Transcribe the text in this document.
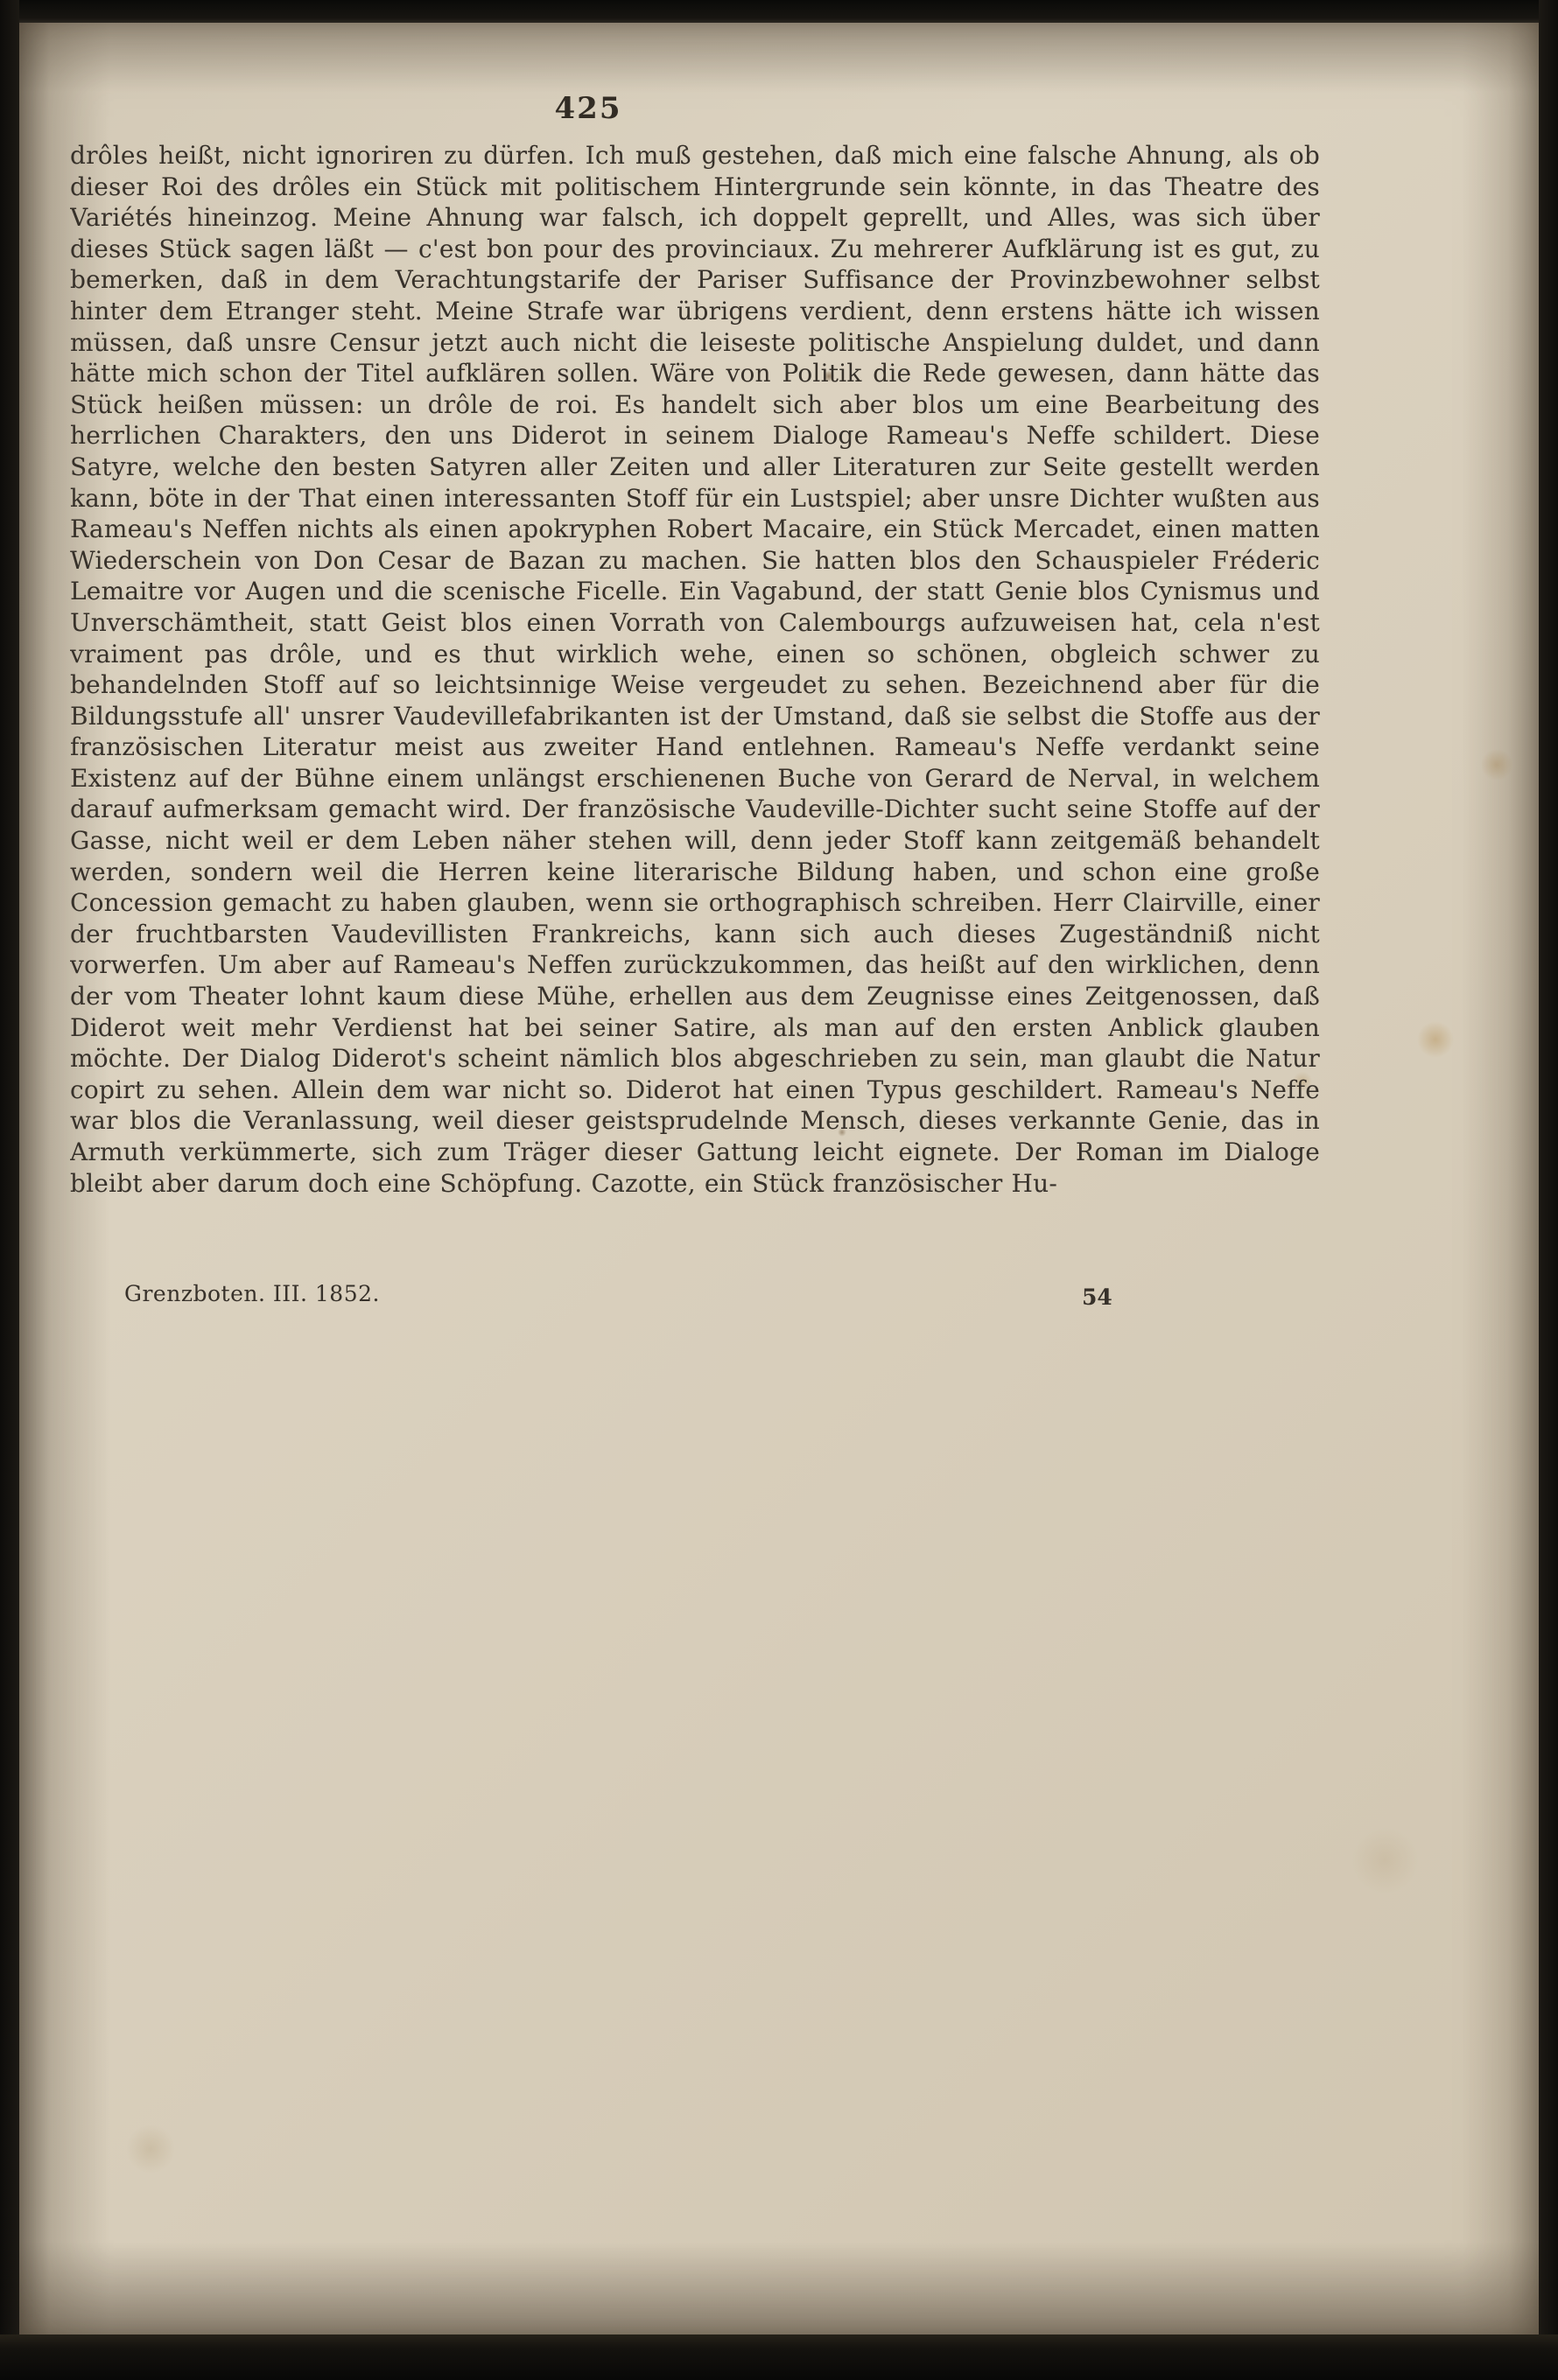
425
drôles heißt, nicht ignoriren zu dürfen. Ich muß gestehen, daß mich eine falsche Ahnung, als ob dieser Roi des drôles ein Stück mit politischem Hintergrunde sein könnte, in das Theatre des Variétés hineinzog. Meine Ahnung war falsch, ich doppelt geprellt, und Alles, was sich über dieses Stück sagen läßt — c'est bon pour des provinciaux. Zu mehrerer Aufklärung ist es gut, zu bemerken, daß in dem Verachtungstarife der Pariser Suffisance der Provinzbewohner selbst hinter dem Etranger steht. Meine Strafe war übrigens verdient, denn erstens hätte ich wissen müssen, daß unsre Censur jetzt auch nicht die leiseste politische Anspielung duldet, und dann hätte mich schon der Titel aufklären sollen. Wäre von Politik die Rede gewesen, dann hätte das Stück heißen müssen: un drôle de roi. Es handelt sich aber blos um eine Bearbeitung des herrlichen Charakters, den uns Diderot in seinem Dialoge Rameau's Neffe schildert. Diese Satyre, welche den besten Satyren aller Zeiten und aller Literaturen zur Seite gestellt werden kann, böte in der That einen interessanten Stoff für ein Lustspiel; aber unsre Dichter wußten aus Rameau's Neffen nichts als einen apokryphen Robert Macaire, ein Stück Mercadet, einen matten Wiederschein von Don Cesar de Bazan zu machen. Sie hatten blos den Schauspieler Fréderic Lemaitre vor Augen und die scenische Ficelle. Ein Vagabund, der statt Genie blos Cynismus und Unverschämtheit, statt Geist blos einen Vorrath von Calembourgs aufzuweisen hat, cela n'est vraiment pas drôle, und es thut wirklich wehe, einen so schönen, obgleich schwer zu behandelnden Stoff auf so leichtsinnige Weise vergeudet zu sehen. Bezeichnend aber für die Bildungsstufe all' unsrer Vaudevillefabrikanten ist der Umstand, daß sie selbst die Stoffe aus der französischen Literatur meist aus zweiter Hand entlehnen. Rameau's Neffe verdankt seine Existenz auf der Bühne einem unlängst erschienenen Buche von Gerard de Nerval, in welchem darauf aufmerksam gemacht wird. Der französische Vaudeville-Dichter sucht seine Stoffe auf der Gasse, nicht weil er dem Leben näher stehen will, denn jeder Stoff kann zeitgemäß behandelt werden, sondern weil die Herren keine literarische Bildung haben, und schon eine große Concession gemacht zu haben glauben, wenn sie orthographisch schreiben. Herr Clairville, einer der fruchtbarsten Vaudevillisten Frankreichs, kann sich auch dieses Zugeständniß nicht vorwerfen. Um aber auf Rameau's Neffen zurückzukommen, das heißt auf den wirklichen, denn der vom Theater lohnt kaum diese Mühe, erhellen aus dem Zeugnisse eines Zeitgenossen, daß Diderot weit mehr Verdienst hat bei seiner Satire, als man auf den ersten Anblick glauben möchte. Der Dialog Diderot's scheint nämlich blos abgeschrieben zu sein, man glaubt die Natur copirt zu sehen. Allein dem war nicht so. Diderot hat einen Typus geschildert. Rameau's Neffe war blos die Veranlassung, weil dieser geistsprudelnde Mensch, dieses verkannte Genie, das in Armuth verkümmerte, sich zum Träger dieser Gattung leicht eignete. Der Roman im Dialoge bleibt aber darum doch eine Schöpfung. Cazotte, ein Stück französischer Hu-
Grenzboten. III. 1852.	54
